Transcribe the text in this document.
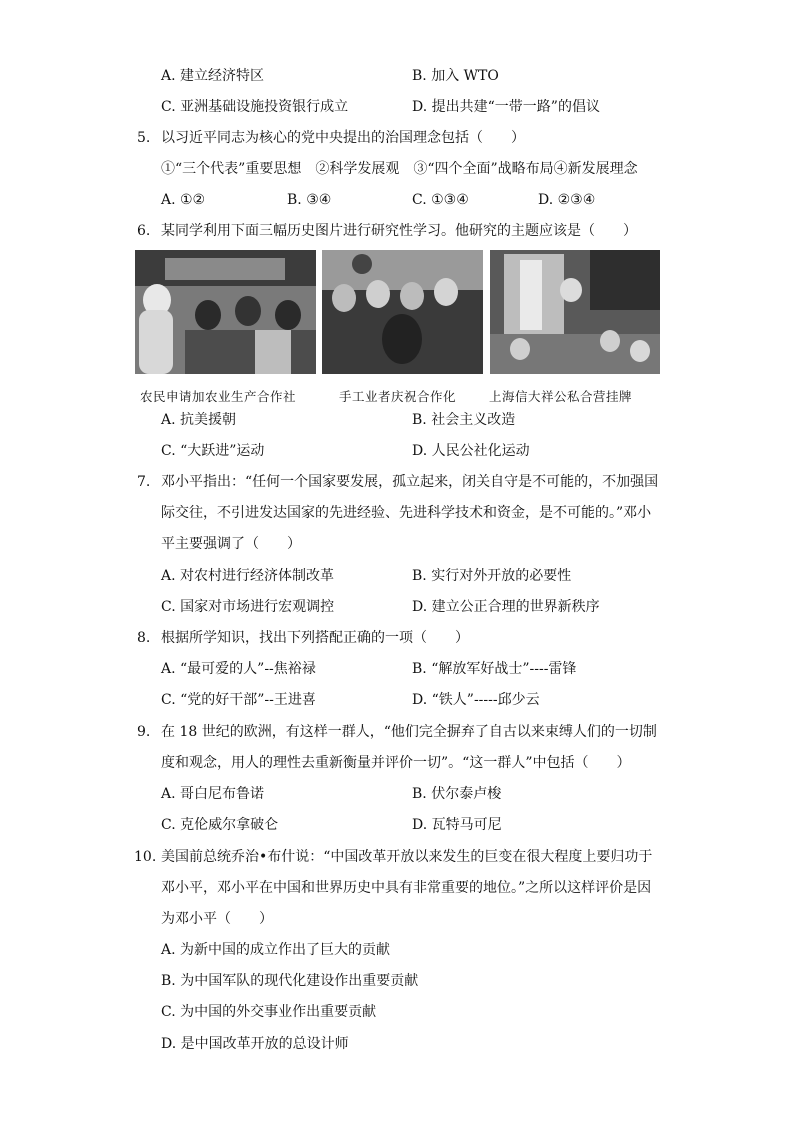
A. 建立经济特区	B. 加入 WTO
C. 亚洲基础设施投资银行成立	D. 提出共建“一带一路”的倡议
5. 以习近平同志为核心的党中央提出的治国理念包括（　　）
①“三个代表”重要思想　②科学发展观　③“四个全面”战略布局④新发展理念
A. ①②	B. ③④	C. ①③④	D. ②③④
6. 某同学利用下面三幅历史图片进行研究性学习。他研究的主题应该是（　　）
农民申请加农业生产合作社	手工业者庆祝合作化	上海信大祥公私合营挂牌
A. 抗美援朝	B. 社会主义改造
C. “大跃进”运动	D. 人民公社化运动
7. 邓小平指出：“任何一个国家要发展，孤立起来，闭关自守是不可能的，不加强国
际交往，不引进发达国家的先进经验、先进科学技术和资金，是不可能的。”邓小
平主要强调了（　　）
A. 对农村进行经济体制改革	B. 实行对外开放的必要性
C. 国家对市场进行宏观调控	D. 建立公正合理的世界新秩序
8. 根据所学知识，找出下列搭配正确的一项（　　）
A. “最可爱的人”--焦裕禄	B. “解放军好战士”----雷锋
C. “党的好干部”--王进喜	D. “铁人”-----邱少云
9. 在 18 世纪的欧洲，有这样一群人，“他们完全摒弃了自古以来束缚人们的一切制
度和观念，用人的理性去重新衡量并评价一切”。“这一群人”中包括（　　）
A. 哥白尼布鲁诺	B. 伏尔泰卢梭
C. 克伦威尔拿破仑	D. 瓦特马可尼
10. 美国前总统乔治•布什说：“中国改革开放以来发生的巨变在很大程度上要归功于
邓小平，邓小平在中国和世界历史中具有非常重要的地位。”之所以这样评价是因
为邓小平（　　）
A. 为新中国的成立作出了巨大的贡献
B. 为中国军队的现代化建设作出重要贡献
C. 为中国的外交事业作出重要贡献
D. 是中国改革开放的总设计师
